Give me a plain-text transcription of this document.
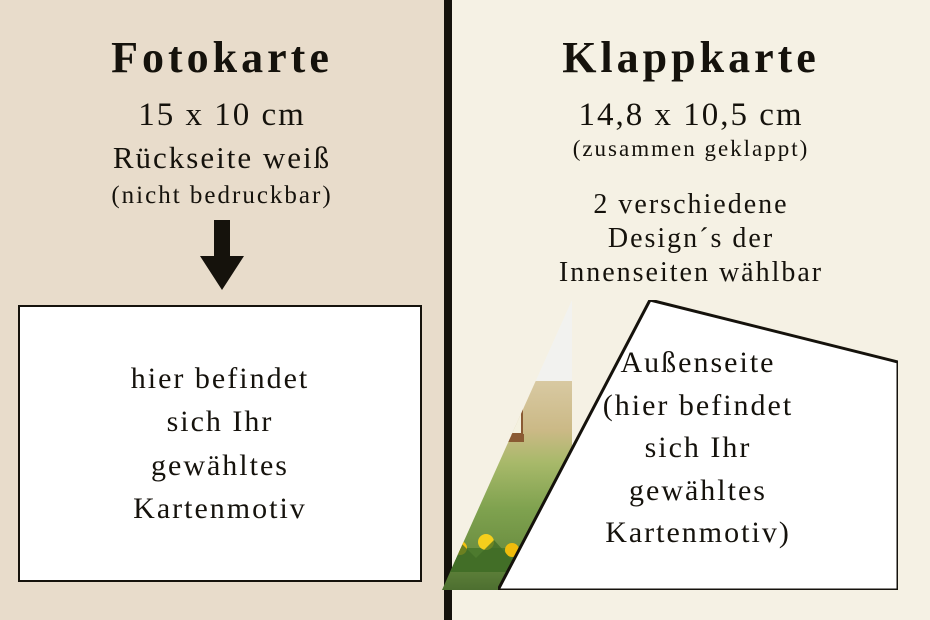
Fotokarte
15 x 10 cm
Rückseite weiß
(nicht bedruckbar)
hier befindet
sich Ihr
gewähltes
Kartenmotiv
Klappkarte
14,8 x 10,5 cm
(zusammen geklappt)
2 verschiedene
Design´s der
Innenseiten wählbar
50
Außenseite
(hier befindet
sich Ihr
gewähltes
Kartenmotiv)
